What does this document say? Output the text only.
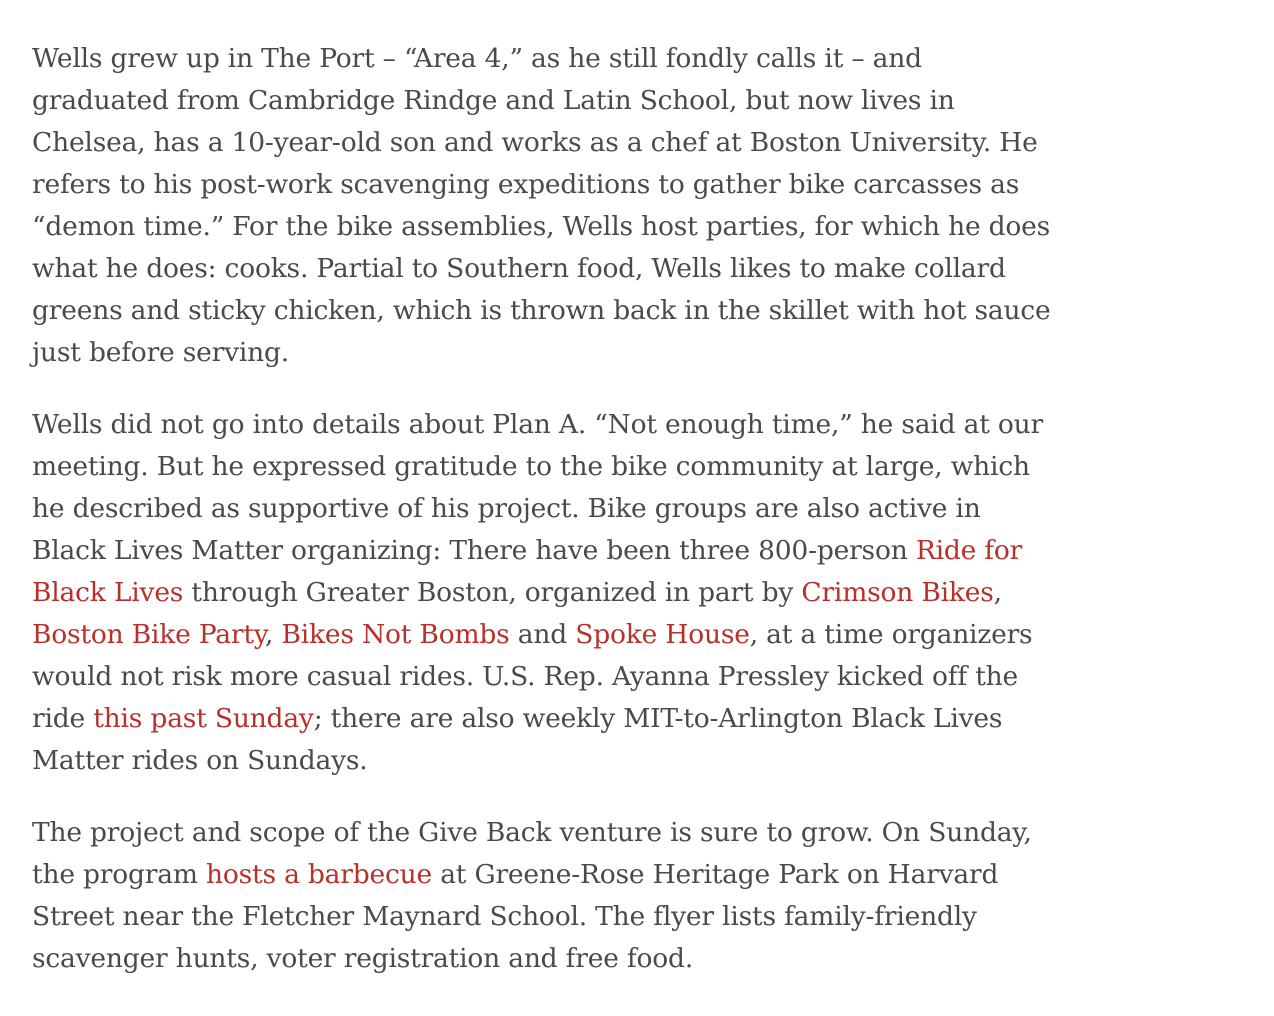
Wells grew up in The Port – “Area 4,” as he still fondly calls it – and graduated from Cambridge Rindge and Latin School, but now lives in Chelsea, has a 10-year-old son and works as a chef at Boston University. He refers to his post-work scavenging expeditions to gather bike carcasses as “demon time.” For the bike assemblies, Wells host parties, for which he does what he does: cooks. Partial to Southern food, Wells likes to make collard greens and sticky chicken, which is thrown back in the skillet with hot sauce just before serving.

Wells did not go into details about Plan A. “Not enough time,” he said at our meeting. But he expressed gratitude to the bike community at large, which he described as supportive of his project. Bike groups are also active in Black Lives Matter organizing: There have been three 800-person Ride for Black Lives through Greater Boston, organized in part by Crimson Bikes, Boston Bike Party, Bikes Not Bombs and Spoke House, at a time organizers would not risk more casual rides. U.S. Rep. Ayanna Pressley kicked off the ride this past Sunday; there are also weekly MIT-to-Arlington Black Lives Matter rides on Sundays.

The project and scope of the Give Back venture is sure to grow. On Sunday, the program hosts a barbecue at Greene-Rose Heritage Park on Harvard Street near the Fletcher Maynard School. The flyer lists family-friendly scavenger hunts, voter registration and free food.
